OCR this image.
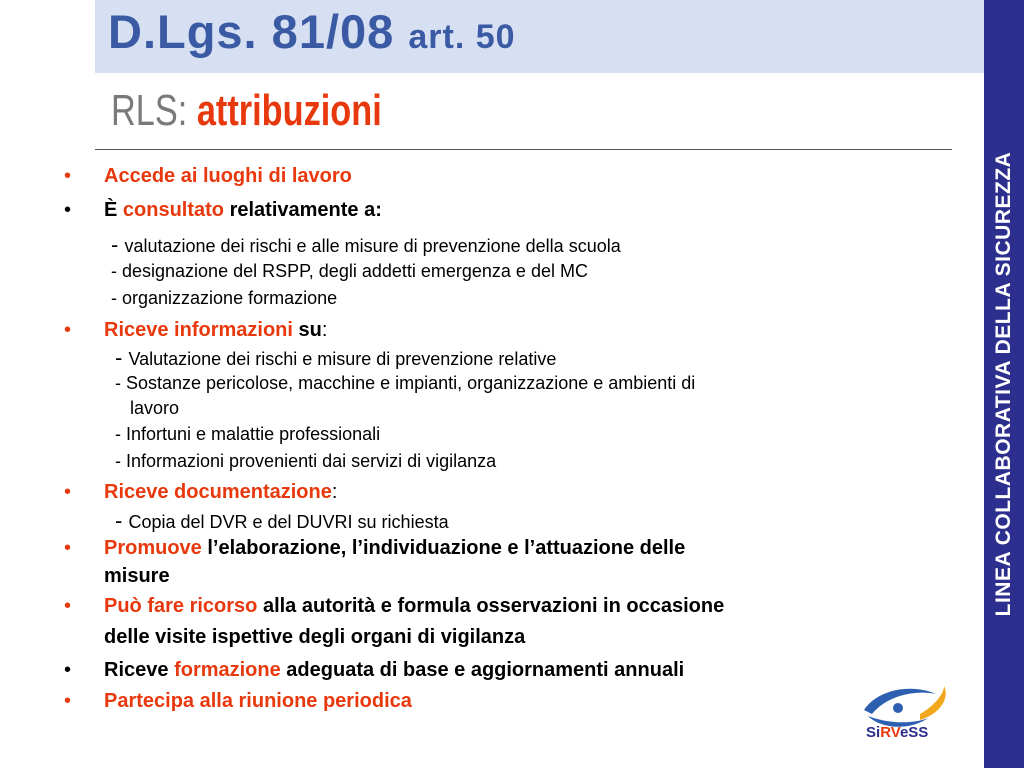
D.Lgs. 81/08 art. 50
RLS: attribuzioni
LINEA COLLABORATIVA DELLA SICUREZZA
• Accede ai luoghi di lavoro
• È consultato relativamente a:
- valutazione dei rischi e alle misure di prevenzione della scuola
- designazione del RSPP, degli addetti emergenza e del MC
- organizzazione formazione
• Riceve informazioni su:
- Valutazione dei rischi e misure di prevenzione relative
- Sostanze pericolose, macchine e impianti, organizzazione e ambienti di
lavoro
- Infortuni e malattie professionali
- Informazioni provenienti dai servizi di vigilanza
• Riceve documentazione:
- Copia del DVR e del DUVRI su richiesta
• Promuove l’elaborazione, l’individuazione e l’attuazione delle
misure
• Può fare ricorso alla autorità e formula osservazioni in occasione
delle visite ispettive degli organi di vigilanza
• Riceve formazione adeguata di base e aggiornamenti annuali
• Partecipa alla riunione periodica
SiRVeSS
